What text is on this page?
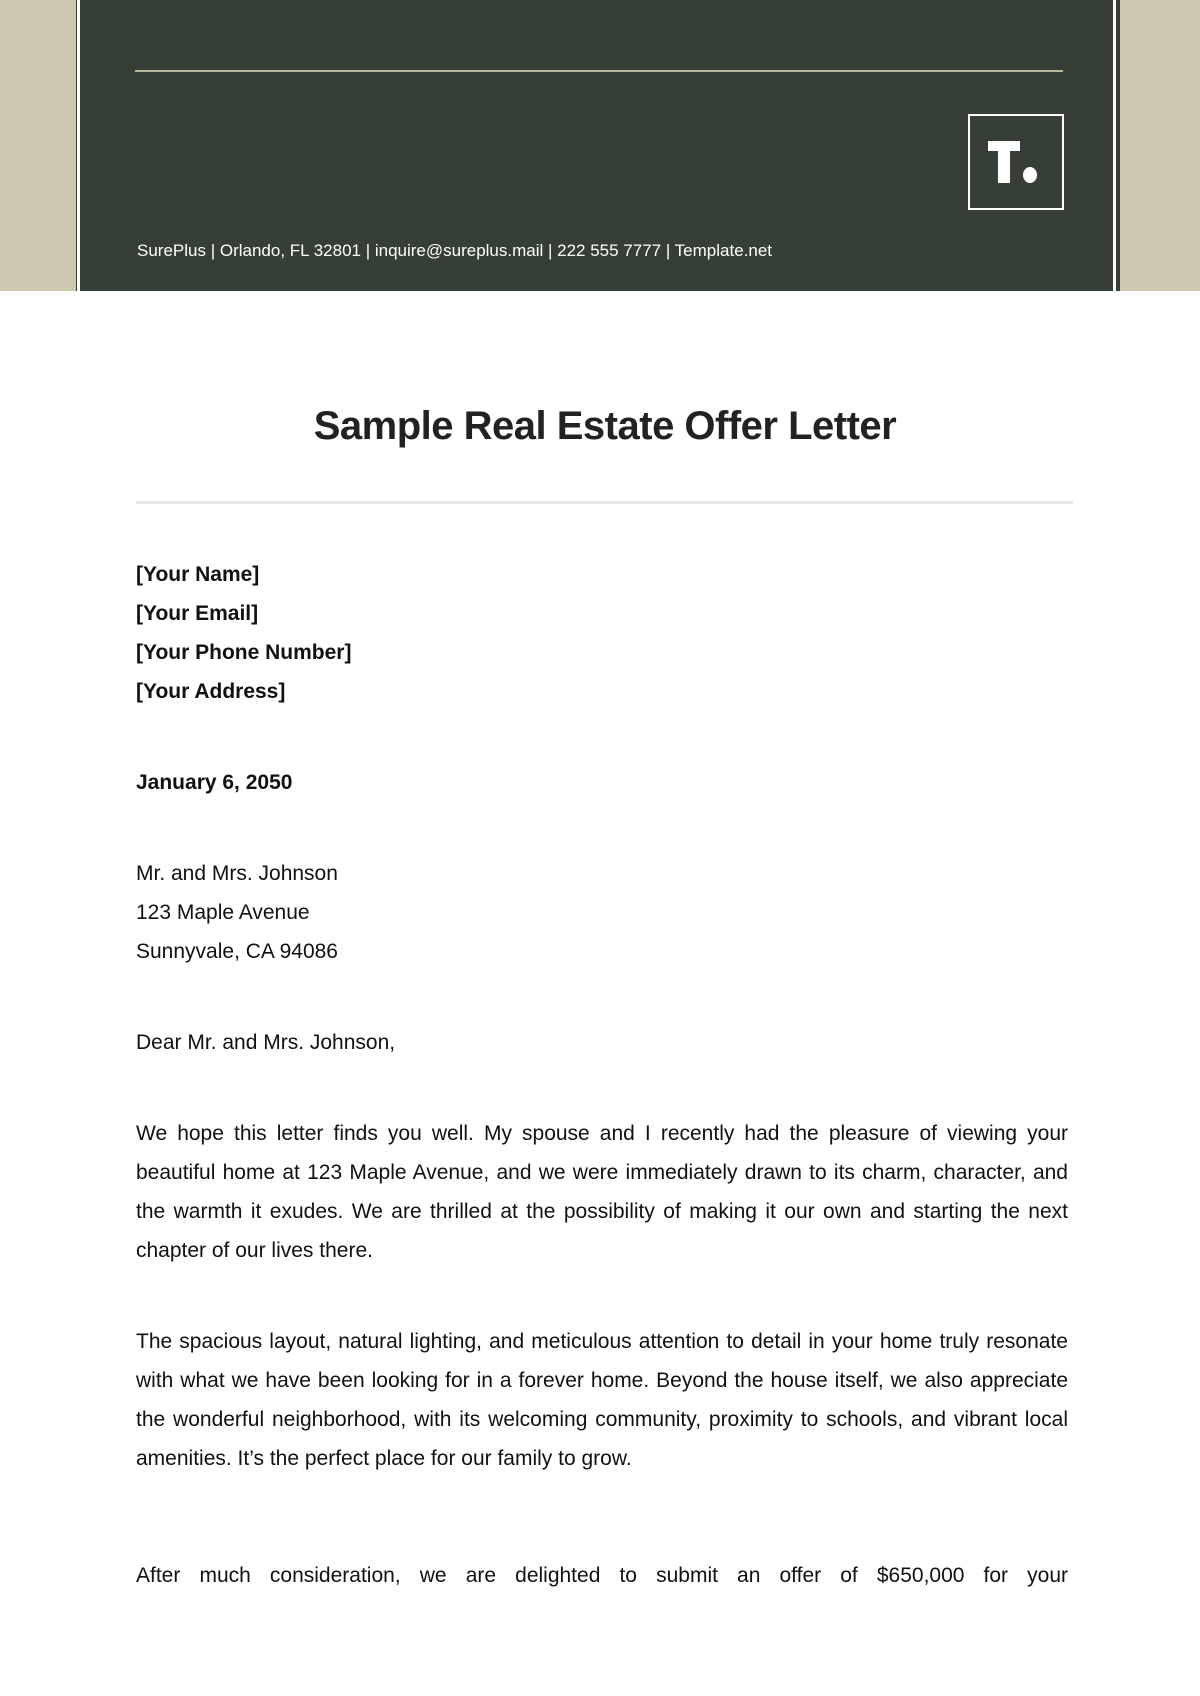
SurePlus | Orlando, FL 32801 | inquire@sureplus.mail | 222 555 7777 | Template.net
Sample Real Estate Offer Letter
[Your Name]
[Your Email]
[Your Phone Number]
[Your Address]
January 6, 2050
Mr. and Mrs. Johnson
123 Maple Avenue
Sunnyvale, CA 94086
Dear Mr. and Mrs. Johnson,

We hope this letter finds you well. My spouse and I recently had the pleasure of viewing your beautiful home at 123 Maple Avenue, and we were immediately drawn to its charm, character, and the warmth it exudes. We are thrilled at the possibility of making it our own and starting the next chapter of our lives there.

The spacious layout, natural lighting, and meticulous attention to detail in your home truly resonate with what we have been looking for in a forever home. Beyond the house itself, we also appreciate the wonderful neighborhood, with its welcoming community, proximity to schools, and vibrant local amenities. It’s the perfect place for our family to grow.

After much consideration, we are delighted to submit an offer of $650,000 for your
